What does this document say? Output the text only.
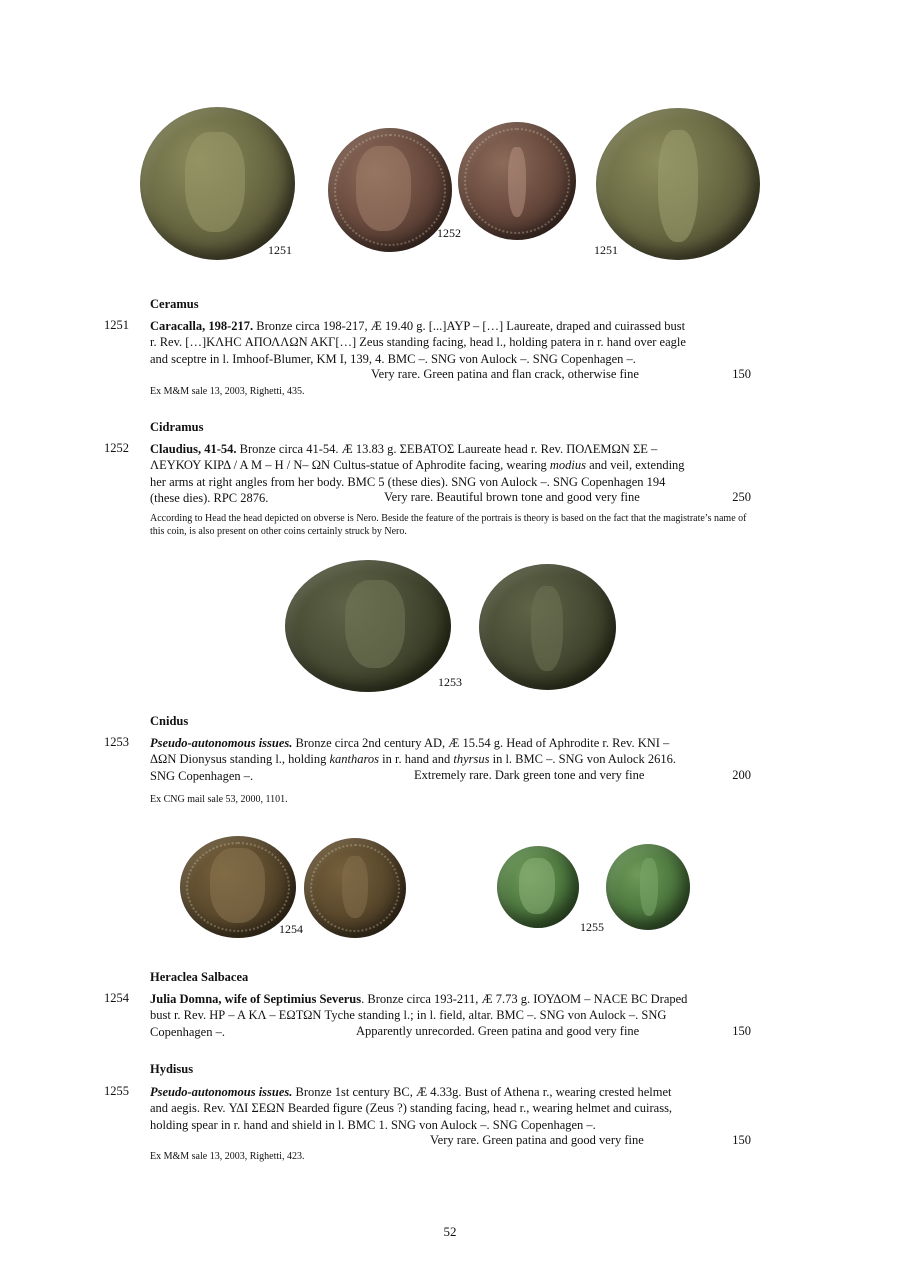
1251
1252
1251
Ceramus
1251 Caracalla, 198-217. Bronze circa 198-217, Æ 19.40 g. [...]AYP – […] Laureate, draped and cuirassed bust

r. Rev. […]ΚΛΗC ΑΠΟΛΛΩΝ ΑΚΓ[…] Zeus standing facing, head l., holding patera in r. hand over eagle

and sceptre in l. Imhoof-Blumer, KM I, 139, 4. BMC –. SNG von Aulock –. SNG Copenhagen –.

Very rare. Green patina and flan crack, otherwise fine	150
Ex M&M sale 13, 2003, Righetti, 435.
Cidramus
1252 Claudius, 41-54. Bronze circa 41-54. Æ 13.83 g. ΣΕΒΑΤΟΣ Laureate head r. Rev. ΠΟΛΕΜΩΝ ΣΕ –

ΛΕΥΚΟΥ ΚΙΡΔ / Α Μ – Η / Ν– ΩΝ Cultus-statue of Aphrodite facing, wearing modius and veil, extending

her arms at right angles from her body. BMC 5 (these dies). SNG von Aulock –. SNG Copenhagen 194

(these dies). RPC 2876.	Very rare. Beautiful brown tone and good very fine	250
According to Head the head depicted on obverse is Nero. Beside the feature of the portrais is theory is based on the fact that the magistrate’s name of this coin, is also present on other coins certainly struck by Nero.
1253
Cnidus
1253 Pseudo-autonomous issues. Bronze circa 2nd century AD, Æ 15.54 g. Head of Aphrodite r. Rev. KNI –

ΔΩΝ Dionysus standing l., holding kantharos in r. hand and thyrsus in l. BMC –. SNG von Aulock 2616.

SNG Copenhagen –.	Extremely rare. Dark green tone and very fine	200
Ex CNG mail sale 53, 2000, 1101.
1254	1255
Heraclea Salbacea
1254 Julia Domna, wife of Septimius Severus. Bronze circa 193-211, Æ 7.73 g. ΙΟΥΔΟΜ – ΝΑCΕ ΒC Draped

bust r. Rev. ΗΡ – Α ΚΛ – ΕΩΤΩΝ Tyche standing l.; in l. field, altar. BMC –. SNG von Aulock –. SNG

Copenhagen –.	Apparently unrecorded. Green patina and good very fine	150
Hydisus
1255 Pseudo-autonomous issues. Bronze 1st century BC, Æ 4.33g. Bust of Athena r., wearing crested helmet

and aegis. Rev. ΥΔΙ ΣΕΩΝ Bearded figure (Zeus ?) standing facing, head r., wearing helmet and cuirass,

holding spear in r. hand and shield in l. BMC 1. SNG von Aulock –. SNG Copenhagen –.

Very rare. Green patina and good very fine	150
Ex M&M sale 13, 2003, Righetti, 423.
52
